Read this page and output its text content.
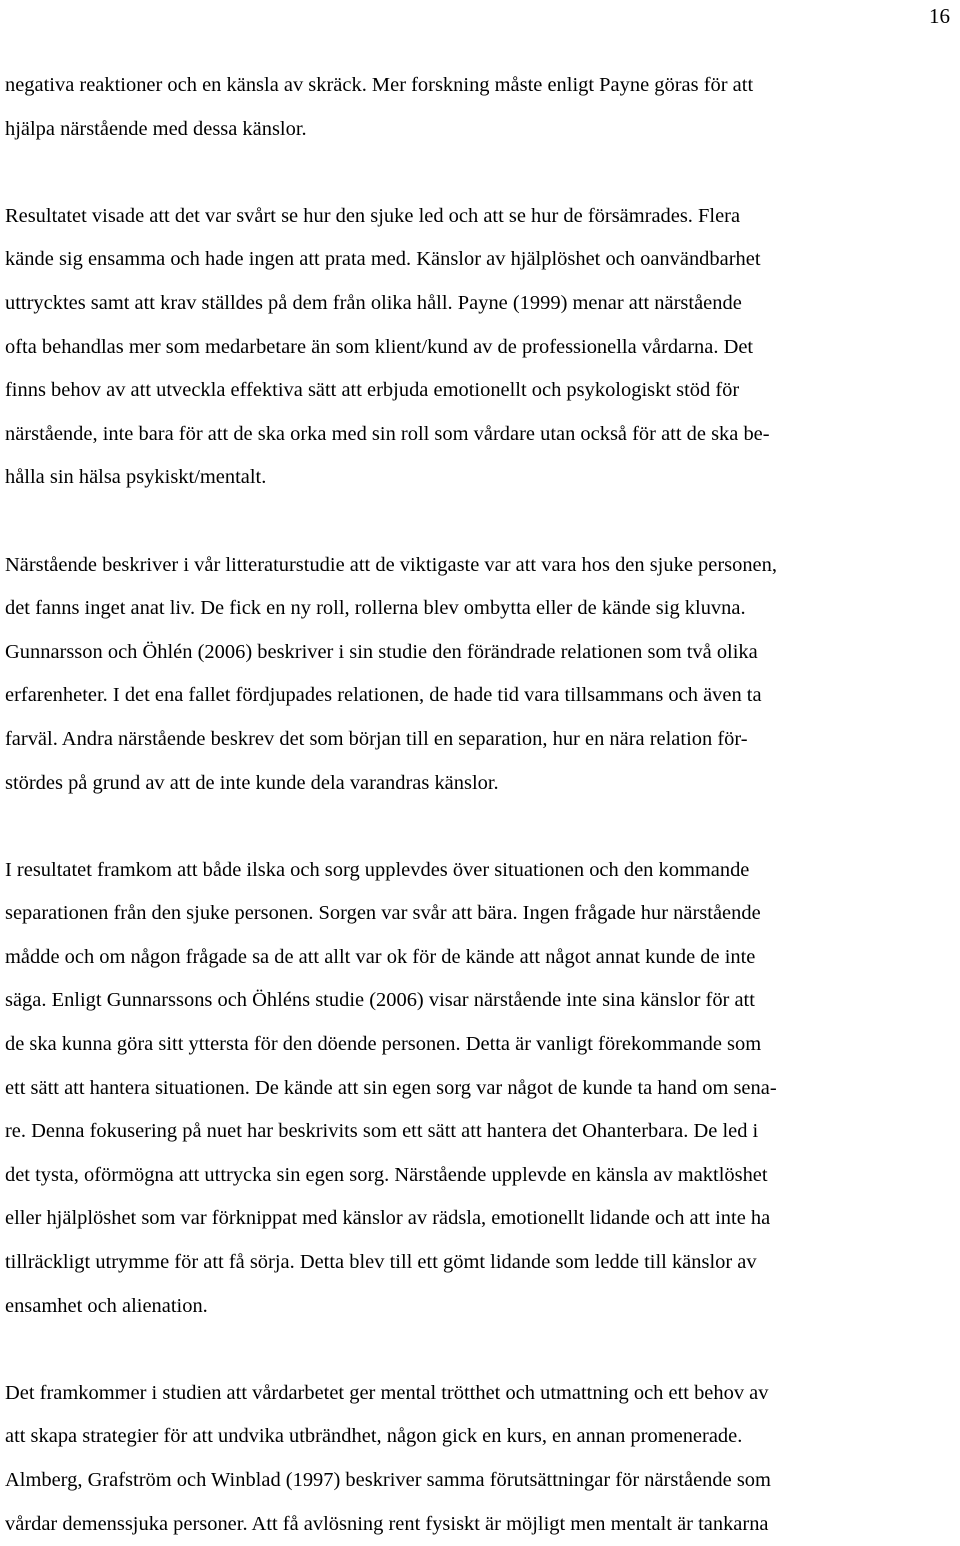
16
negativa reaktioner och en känsla av skräck. Mer forskning måste enligt Payne göras för att
hjälpa närstående med dessa känslor.
Resultatet visade att det var svårt se hur den sjuke led och att se hur de försämrades. Flera
kände sig ensamma och hade ingen att prata med. Känslor av hjälplöshet och oanvändbarhet
uttrycktes samt att krav ställdes på dem från olika håll. Payne (1999) menar att närstående
ofta behandlas mer som medarbetare än som klient/kund av de professionella vårdarna. Det
finns behov av att utveckla effektiva sätt att erbjuda emotionellt och psykologiskt stöd för
närstående, inte bara för att de ska orka med sin roll som vårdare utan också för att de ska be-
hålla sin hälsa psykiskt/mentalt.
Närstående beskriver i vår litteraturstudie att de viktigaste var att vara hos den sjuke personen,
det fanns inget anat liv. De fick en ny roll, rollerna blev ombytta eller de kände sig kluvna.
Gunnarsson och Öhlén (2006) beskriver i sin studie den förändrade relationen som två olika
erfarenheter. I det ena fallet fördjupades relationen, de hade tid vara tillsammans och även ta
farväl. Andra närstående beskrev det som början till en separation, hur en nära relation för-
stördes på grund av att de inte kunde dela varandras känslor.
I resultatet framkom att både ilska och sorg upplevdes över situationen och den kommande
separationen från den sjuke personen. Sorgen var svår att bära. Ingen frågade hur närstående
mådde och om någon frågade sa de att allt var ok för de kände att något annat kunde de inte
säga. Enligt Gunnarssons och Öhléns studie (2006) visar närstående inte sina känslor för att
de ska kunna göra sitt yttersta för den döende personen. Detta är vanligt förekommande som
ett sätt att hantera situationen. De kände att sin egen sorg var något de kunde ta hand om sena-
re. Denna fokusering på nuet har beskrivits som ett sätt att hantera det Ohanterbara. De led i
det tysta, oförmögna att uttrycka sin egen sorg. Närstående upplevde en känsla av maktlöshet
eller hjälplöshet som var förknippat med känslor av rädsla, emotionellt lidande och att inte ha
tillräckligt utrymme för att få sörja. Detta blev till ett gömt lidande som ledde till känslor av
ensamhet och alienation.
Det framkommer i studien att vårdarbetet ger mental trötthet och utmattning och ett behov av
att skapa strategier för att undvika utbrändhet, någon gick en kurs, en annan promenerade.
Almberg, Grafström och Winblad (1997) beskriver samma förutsättningar för närstående som
vårdar demenssjuka personer. Att få avlösning rent fysiskt är möjligt men mentalt är tankarna
